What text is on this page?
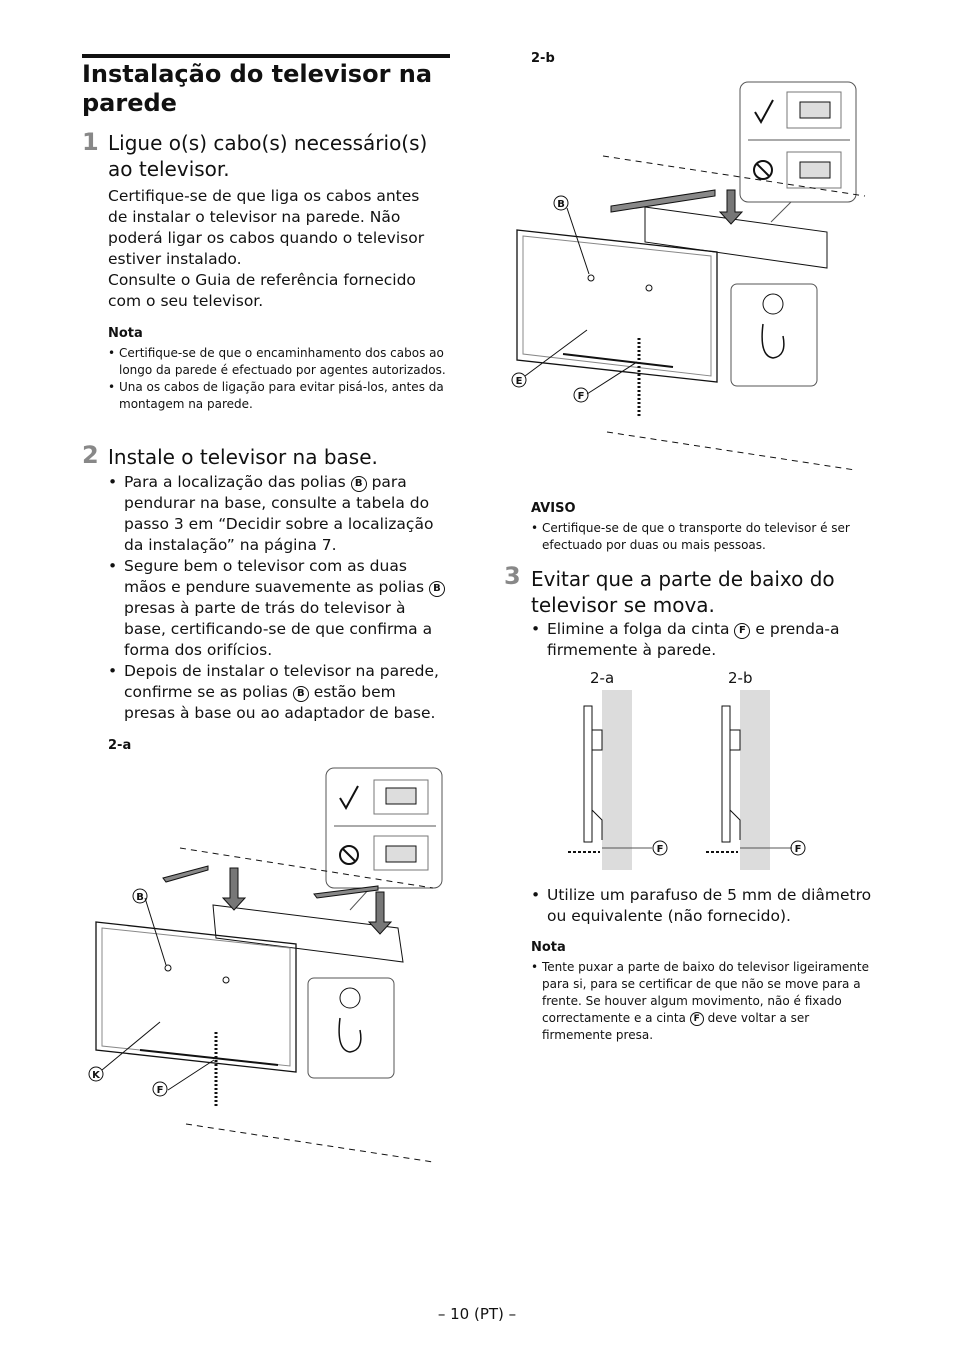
Instalação do televisor na parede
1 Ligue o(s) cabo(s) necessário(s) ao televisor.
Certifique-se de que liga os cabos antes
de instalar o televisor na parede. Não
poderá ligar os cabos quando o televisor
estiver instalado.
Consulte o Guia de referência fornecido
com o seu televisor.
Nota
• Certifique-se de que o encaminhamento dos cabos ao longo da parede é efectuado por agentes autorizados.
• Una os cabos de ligação para evitar pisá-los, antes da montagem na parede.
2 Instale o televisor na base.
• Para a localização das polias B para pendurar na base, consulte a tabela do passo 3 em “Decidir sobre a localização da instalação” na página 7.
• Segure bem o televisor com as duas mãos e pendure suavemente as polias B presas à parte de trás do televisor à base, certificando-se de que confirma a forma dos orifícios.
• Depois de instalar o televisor na parede, confirme se as polias B estão bem presas à base ou ao adaptador de base.
2-a
B
K
F
2-b
B
E
F
AVISO
• Certifique-se de que o transporte do televisor é ser efectuado por duas ou mais pessoas.
3 Evitar que a parte de baixo do televisor se mova.
• Elimine a folga da cinta F e prenda-a firmemente à parede.
2-a	2-b
F	F
• Utilize um parafuso de 5 mm de diâmetro ou equivalente (não fornecido).
Nota
• Tente puxar a parte de baixo do televisor ligeiramente para si, para se certificar de que não se move para a frente. Se houver algum movimento, não é fixado correctamente e a cinta F deve voltar a ser firmemente presa.
– 10 (PT) –
